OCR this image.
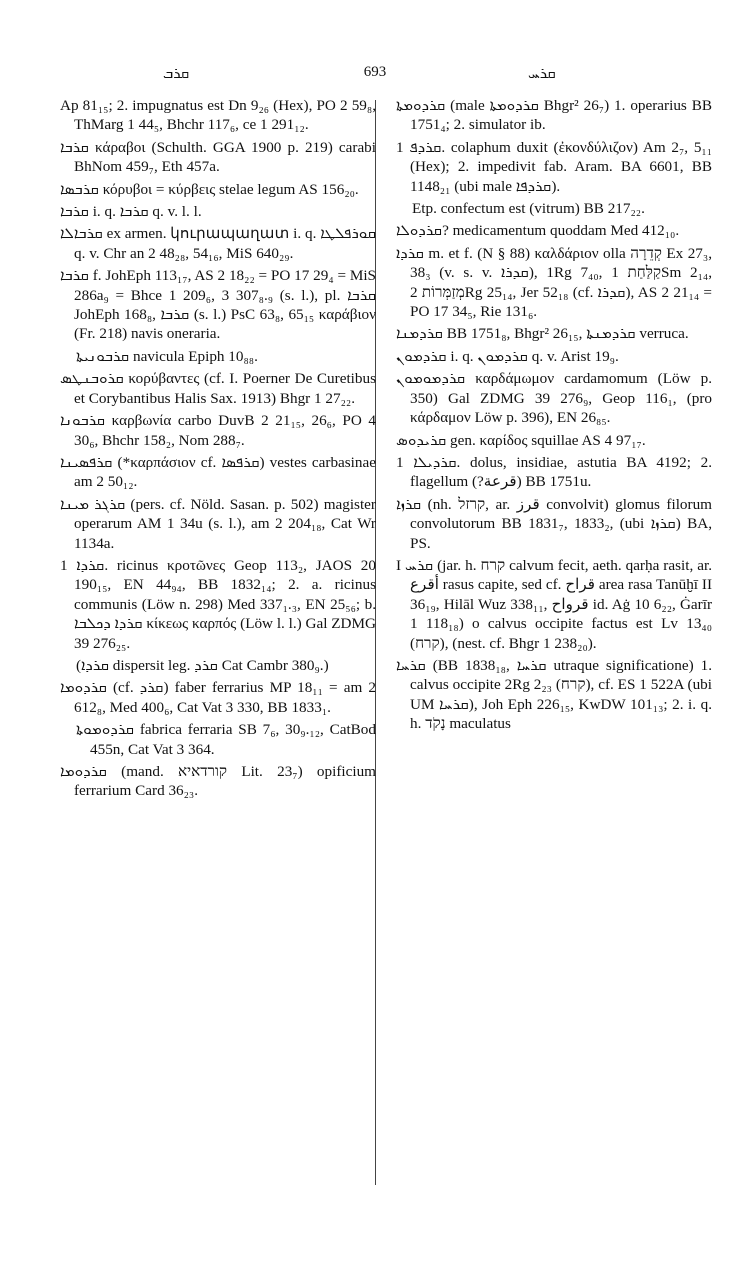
ܩܪܒ	693	ܩܪܚ

Ap 81₁₅; 2. impugnatus est Dn 9₂₆ (Hex), PO 2 59₈, ThMarg 1 44₅, Bhchr 117₆, ce 1 291₁₂.

ܩܪܒܐ κάραβοι (Schulth. GGA 1900 p. 219) carabi BhNom 459₇, Eth 457a.

ܩܪܒܣܐ κόρυβοι = κύρβεις stelae legum AS 156₂₀.

ܩܪܒܐ i. q. ܩܪܒܐ q. v. l. l.

ܩܪܒܐܠܐ ex armen. կուրապաղատ i. q. ܩܘܪܦܠܛܐ q. v. Chr an 2 48₂₈, 54₁₆, MiS 640₂₉.

ܩܪܒܐ f. JohEph 113₁₇, AS 2 18₂₂ = PO 17 29₄ = MiS 286a₉ = Bhce 1 209₆, 3 307₈.₉ (s. l.), pl. ܩܪܒܐ JohEph 168₈, ܩܪܒܐ (s. l.) PsC 63₈, 65₁₅ καράβιον (Fr. 218) navis oneraria.

ܩܪܒܘܢܝܬܐ navicula Epiph 10₈₈.

ܩܪܘܒܢܛܣ κορύβαντες (cf. I. Poerner De Curetibus et Corybantibus Halis Sax. 1913) Bhgr 1 27₂₂.

ܩܪܒܘܢܐ καρβωνία carbo DuvB 2 21₁₅, 26₆, PO 4 30₆, Bhchr 158₂, Nom 288₇.

ܩܪܦܣܝܢܐ (*καρπάσιον cf. ܩܪܦܣܐ) vestes carbasinae am 2 50₁₂.

ܩܪܓܪ ܡܝܢܐ (pers. cf. Nöld. Sasan. p. 502) magister operarum AM 1 34u (s. l.), am 2 204₁₈, Cat Wr 1134a.

ܩܪܕܐ 1. ricinus κροτῶνες Geop 113₂, JAOS 20 190₁₅, EN 44₉₄, BB 1832₁₄; 2. a. ricinus communis (Löw n. 298) Med 337₁.₃, EN 25₅₆; b. ܩܪܕܐ ܕܟܠܒܐ κίκεως καρπός (Löw l. l.) Gal ZDMG 39 276₂₅.

(ܩܪܕܐ dispersit leg. ܩܪܕ Cat Cambr 380₉.)

ܩܪܕܘܡܐ (cf. ܩܪܕ) faber ferrarius MP 18₁₁ = am 2 612₈, Med 400₆, Cat Vat 3 330, BB 1833₁.

ܩܪܕܘܡܘܬܐ fabrica ferraria SB 7₆, 30₉.₁₂, CatBod 455n, Cat Vat 3 364.

ܩܪܕܘܡܐ (mand. קורדאיא Lit. 23₇) opificium ferrarium Card 36₂₃.

ܩܪܕܘܡܬܐ (male ܩܪܕܘܡܬܐ Bhgr² 26₇) 1. operarius BB 1751₄; 2. simulator ib.

ܩܪܕܦ 1. colaphum duxit (ἐκονδύλιζον) Am 2₇, 5₁₁ (Hex); 2. impedivit fab. Aram. BA 6601, BB 1148₂₁ (ubi male ܩܪܕܦܐ).

Etp. confectum est (vitrum) BB 217₂₂.

ܩܪܕܘܠܐ? medicamentum quoddam Med 412₁₀.

ܩܪܕܐ m. et f. (N § 88) καλδάριον olla קְדֵרָה Ex 27₃, 38₃ (v. s. v. ܩܕܪܐ), 1Rg 7₄₀, קַלַּחַת 1Sm 2₁₄, מְזַמְּרוֹת 2Rg 25₁₄, Jer 52₁₈ (cf. ܩܕܪܐ), AS 2 21₁₄ = PO 17 34₅, Rie 131₆.

ܩܪܕܡܢܐ BB 1751₈, Bhgr² 26₁₅, ܩܪܕܡܢܬܐ verruca.

ܩܪܕܡܘܢ i. q. ܩܪܕܡܘܢ q. v. Arist 19₉.

ܩܪܕܡܘܡܘܢ καρδάμωμον cardamomum (Löw p. 350) Gal ZDMG 39 276₉, Geop 116₁, (pro κάρδαμον Löw p. 396), EN 26₈₅.

ܩܪܝܕܘܣ gen. καρίδος squillae AS 4 97₁₇.

ܩܪܕܝܠܐ 1. dolus, insidiae, astutia BA 4192; 2. flagellum (?قرعة) BB 1751u.

ܩܪܙܐ (nh. קרזל, ar. قرز convolvit) glomus filorum convolutorum BB 1831₇, 1833₂, (ubi ܩܪܙܐ) BA, PS.

I ܩܪܚ (jar. h. קרח calvum fecit, aeth. qarḥa rasit, ar. أقرع rasus capite, sed cf. قراح area rasa Tanūḫī II 36₁₉, Hilāl Wuz 338₁₁, قرواح id. Aġ 10 6₂₂, Ġarīr 1 118₁₈) o calvus occipite factus est Lv 13₄₀ (קרח), (nest. cf. Bhgr 1 238₂₀).

ܩܪܚܐ (BB 1838₁₈, ܩܪܚܐ utraque significatione) 1. calvus occipite 2Rg 2₂₃ (קרח), cf. ES 1 522A (ubi UM ܩܪܚܐ), Joh Eph 226₁₅, KwDW 101₁₃; 2. i. q. h. נָקֹד maculatus
